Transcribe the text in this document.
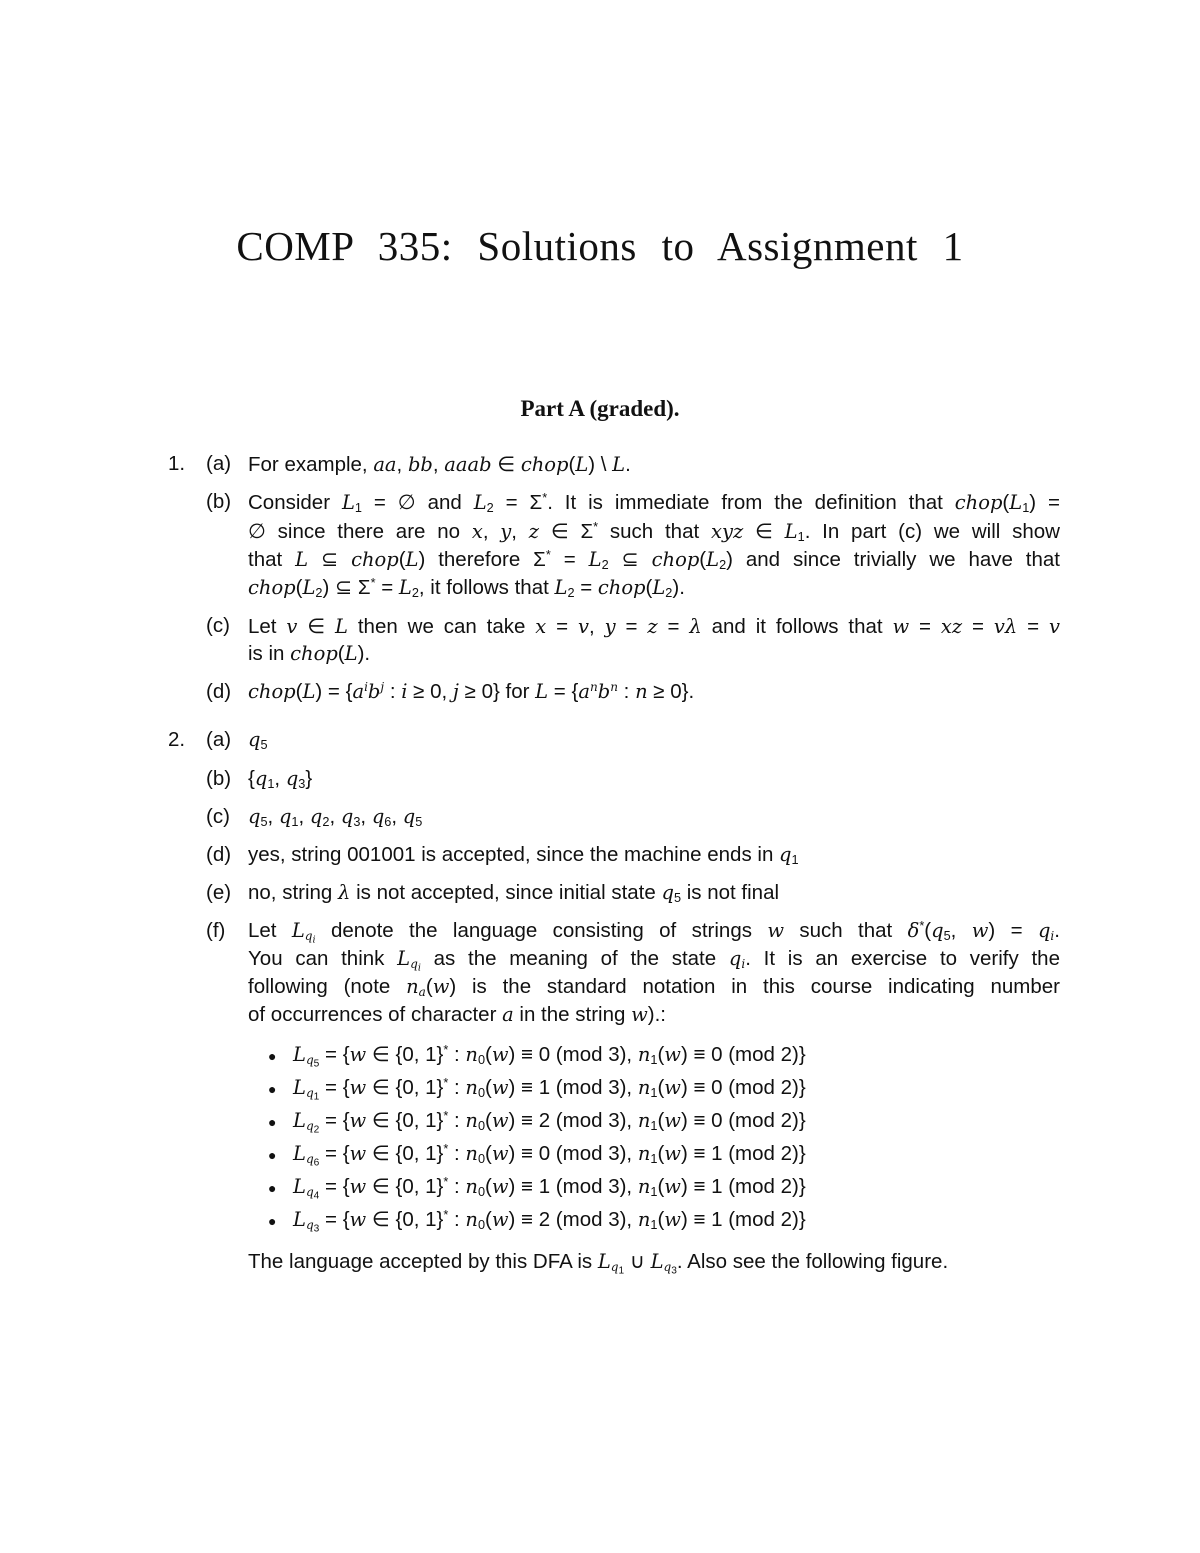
COMP 335: Solutions to Assignment 1
Part A (graded).
1. (a) For example, aa, bb, aaab ∈ chop(L) \ L.
(b) Consider $L_1$ = ∅ and $L_2 = \Sigma^*$. It is immediate from the definition that $chop(L_1)$ =
∅ since there are no x, y, z ∈ Σ* such that xyz ∈ $L_1$. In part (c) we will show
that L ⊆ chop(L) therefore $\Sigma^* = L_2$ ⊆ $chop(L_2)$ and since trivially we have that
$chop(L_2)$ ⊆ $\Sigma^* = L_2$, it follows that $L_2$ = $chop(L_2)$.
(c) Let v ∈ L then we can take x = v, y = z = λ and it follows that w = xz = vλ = v
is in chop(L).
(d) chop(L) = {$a^ib^j$ : i ≥ 0, j ≥ 0} for $L = \{a^nb^n$ : n ≥ 0}.
2. (a) $q_5$
(b) {$q_1$, $q_3$}
(c) $q_5$, $q_1$, $q_2$, $q_3$, $q_6$, $q_5$
(d) yes, string 001001 is accepted, since the machine ends in $q_1$
(e) no, string λ is not accepted, since initial state $q_5$ is not final
(f) Let $L_{q_i}$ denote the language consisting of strings w such that $\delta^*(q_5$, $w) = q_i$.
You can think $L_{q_i}$ as the meaning of the state $q_i$. It is an exercise to verify the
following (note $n_a(w)$ is the standard notation in this course indicating number
of occurrences of character a in the string w).:
● $L_{q_5} = \{w$ ∈ {0, 1}* : $n_0(w) \equiv 0$ (mod 3), $n_1(w) \equiv 0$ (mod 2)}
● $L_{q_1} = \{w$ ∈ {0, 1}* : $n_0(w) \equiv 1$ (mod 3), $n_1(w) \equiv 0$ (mod 2)}
● $L_{q_2} = \{w$ ∈ {0, 1}* : $n_0(w) \equiv 2$ (mod 3), $n_1(w) \equiv 0$ (mod 2)}
● $L_{q_6} = \{w$ ∈ {0, 1}* : $n_0(w) \equiv 0$ (mod 3), $n_1(w) \equiv 1$ (mod 2)}
● $L_{q_4} = \{w$ ∈ {0, 1}* : $n_0(w) \equiv 1$ (mod 3), $n_1(w) \equiv 1$ (mod 2)}
● $L_{q_3} = \{w$ ∈ {0, 1}* : $n_0(w) \equiv 2$ (mod 3), $n_1(w) \equiv 1$ (mod 2)}
The language accepted by this DFA is $L_{q_1}$ ∪ $L_{q_3}$. Also see the following figure.
